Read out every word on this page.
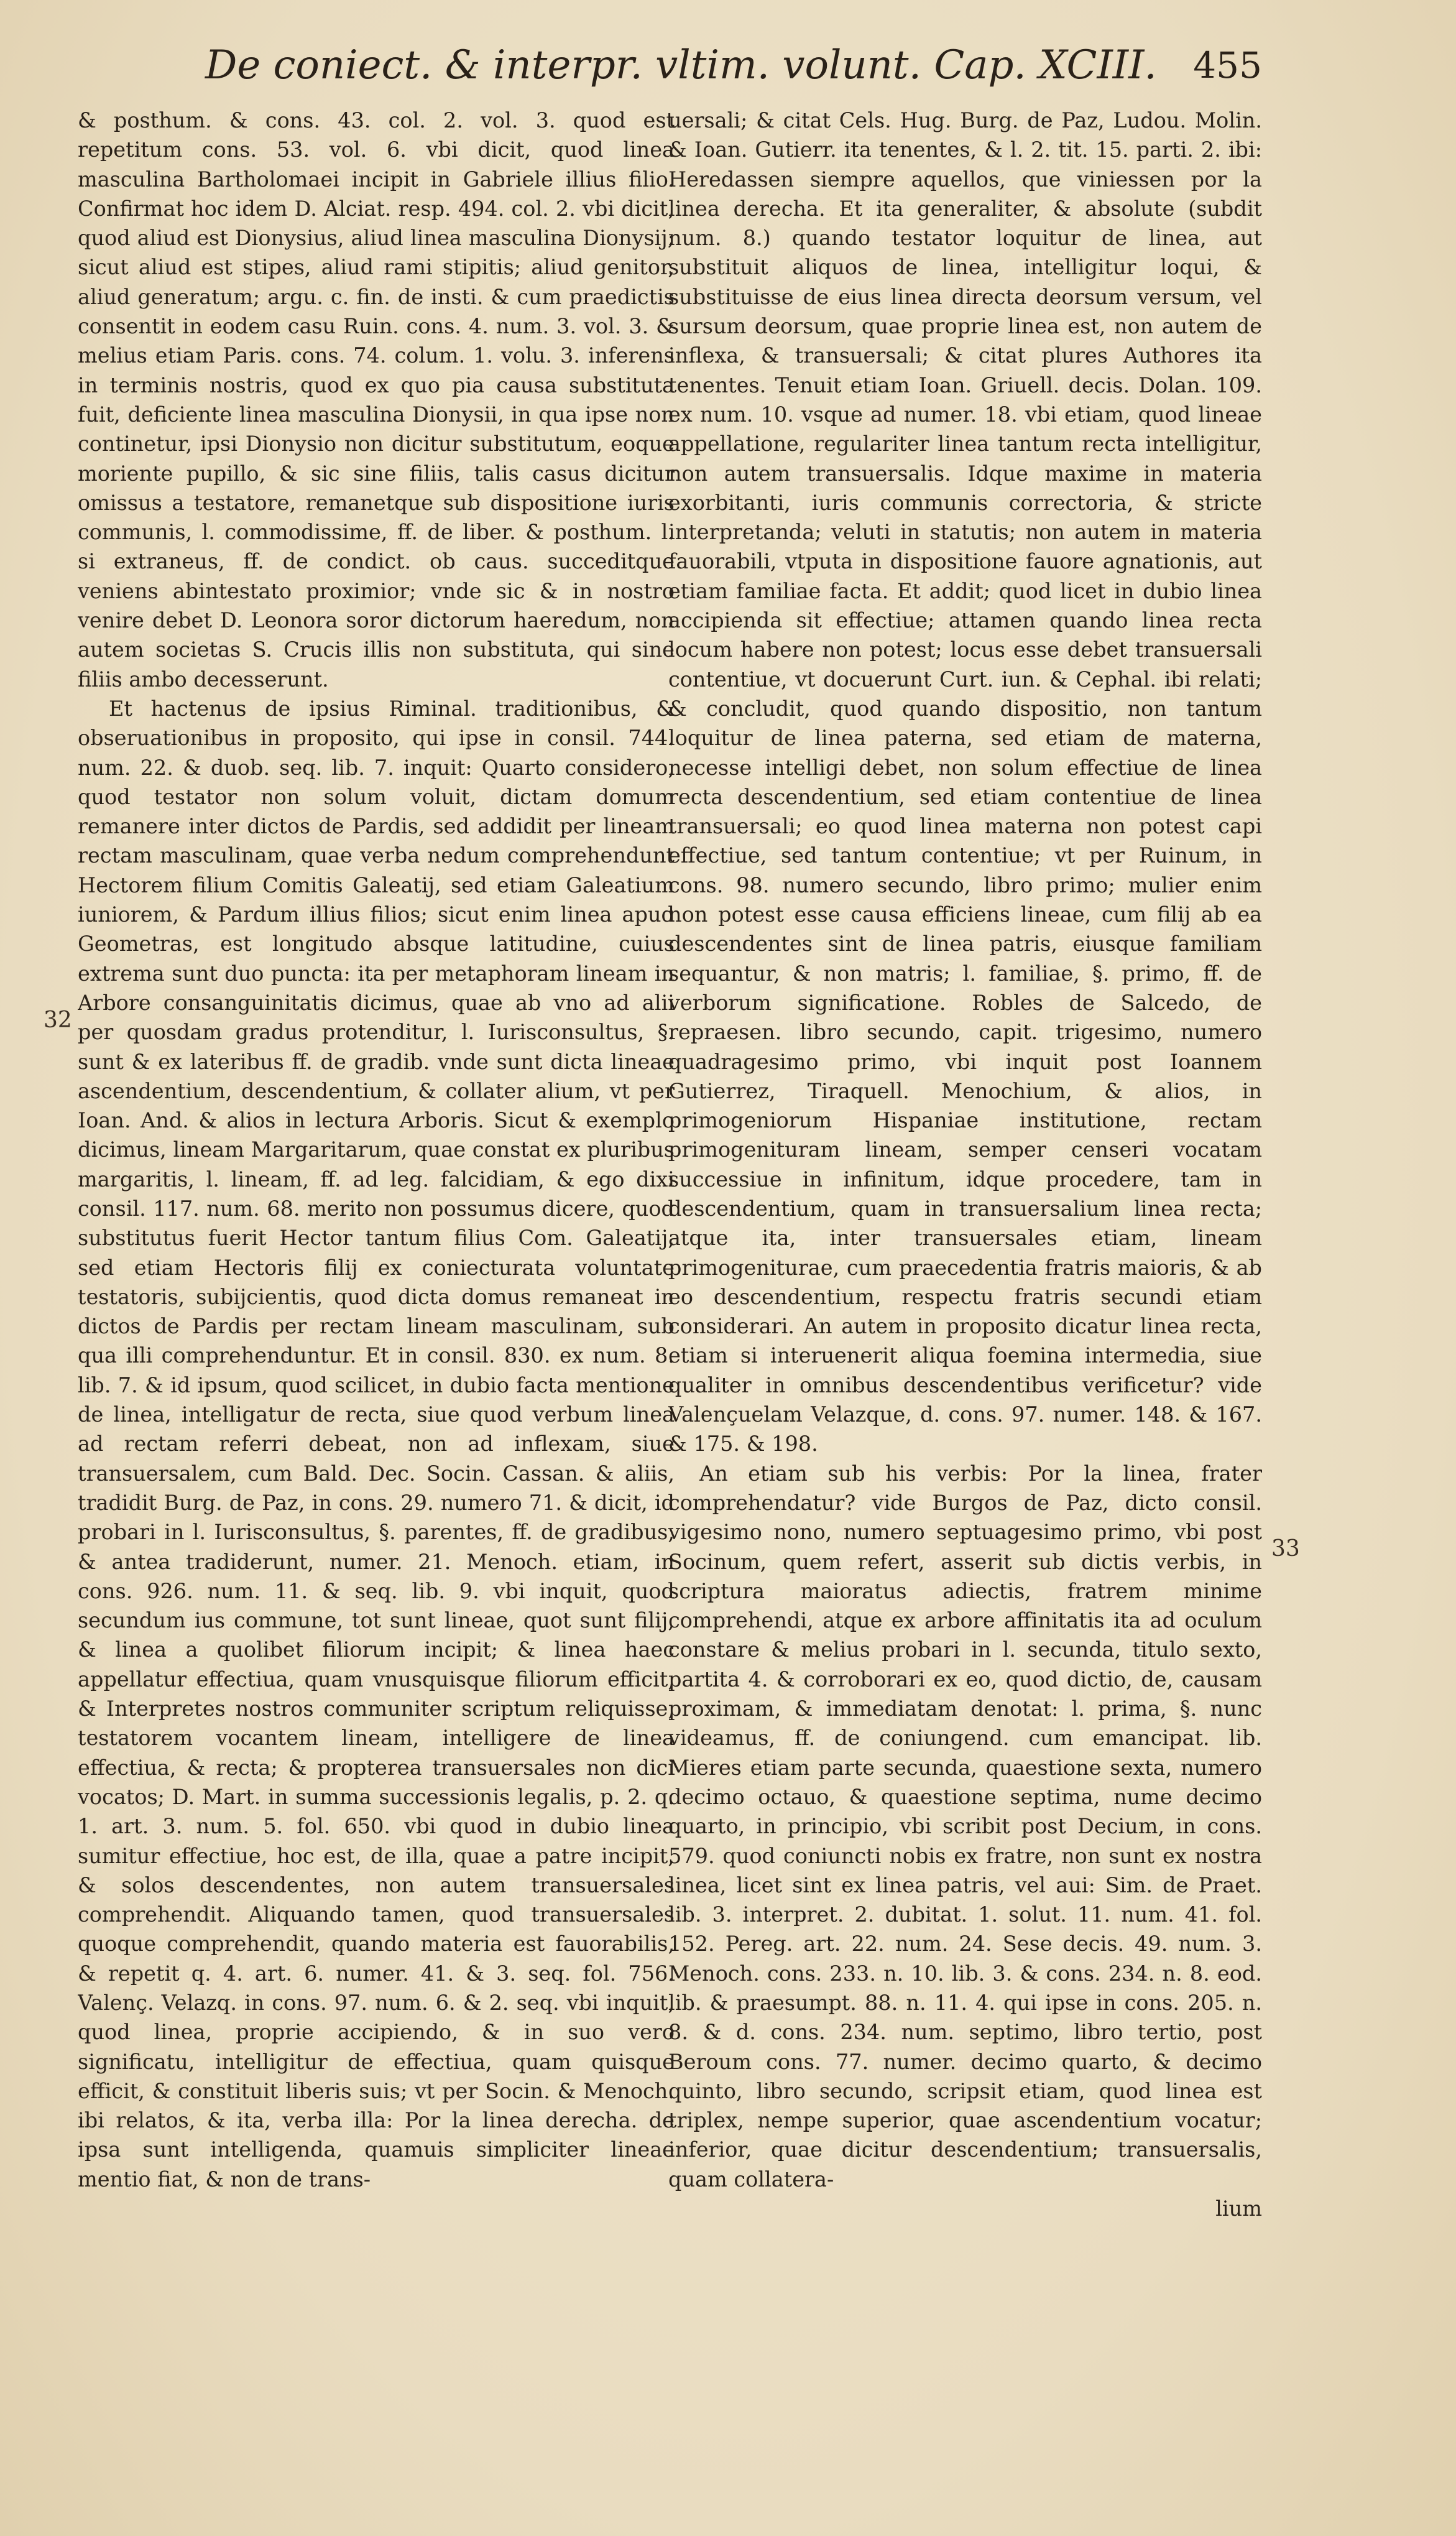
De coniect. & interpr. vltim. volunt. Cap. XCIII. 455
32
33

& posthum. & cons. 43. col. 2. vol. 3. quod est repetitum cons. 53. vol. 6. vbi dicit, quod linea masculina Bartholomaei incipit in Gabriele illius filio. Confirmat hoc idem D. Alciat. resp. 494. col. 2. vbi dicit, quod aliud est Dionysius, aliud linea masculina Dionysij; sicut aliud est stipes, aliud rami stipitis; aliud genitor, aliud generatum; argu. c. fin. de insti. & cum praedictis consentit in eodem casu Ruin. cons. 4. num. 3. vol. 3. & melius etiam Paris. cons. 74. colum. 1. volu. 3. inferens in terminis nostris, quod ex quo pia causa substituta fuit, deficiente linea masculina Dionysii, in qua ipse non continetur, ipsi Dionysio non dicitur substitutum, eoque moriente pupillo, & sic sine filiis, talis casus dicitur omissus a testatore, remanetque sub dispositione iuris communis, l. commodissime, ff. de liber. & posthum. l. si extraneus, ff. de condict. ob caus. succeditque veniens abintestato proximior; vnde sic & in nostro venire debet D. Leonora soror dictorum haeredum, non autem societas S. Crucis illis non substituta, qui sine filiis ambo decesserunt.

Et hactenus de ipsius Riminal. traditionibus, & obseruationibus in proposito, qui ipse in consil. 744. num. 22. & duob. seq. lib. 7. inquit: Quarto considero, quod testator non solum voluit, dictam domum remanere inter dictos de Pardis, sed addidit per lineam rectam masculinam, quae verba nedum comprehendunt Hectorem filium Comitis Galeatij, sed etiam Galeatium iuniorem, & Pardum illius filios; sicut enim linea apud Geometras, est longitudo absque latitudine, cuius extrema sunt duo puncta: ita per metaphoram lineam in Arbore consanguinitatis dicimus, quae ab vno ad alii per quosdam gradus protenditur, l. Iurisconsultus, §. sunt & ex lateribus ff. de gradib. vnde sunt dicta lineae ascendentium, descendentium, & collater alium, vt per Ioan. And. & alios in lectura Arboris. Sicut & exemplo dicimus, lineam Margaritarum, quae constat ex pluribus margaritis, l. lineam, ff. ad leg. falcidiam, & ego dixi consil. 117. num. 68. merito non possumus dicere, quod substitutus fuerit Hector tantum filius Com. Galeatij, sed etiam Hectoris filij ex coniecturata voluntate testatoris, subijcientis, quod dicta domus remaneat in dictos de Pardis per rectam lineam masculinam, sub qua illi comprehenduntur. Et in consil. 830. ex num. 8. lib. 7. & id ipsum, quod scilicet, in dubio facta mentione de linea, intelligatur de recta, siue quod verbum linea ad rectam referri debeat, non ad inflexam, siue transuersalem, cum Bald. Dec. Socin. Cassan. & aliis, tradidit Burg. de Paz, in cons. 29. numero 71. & dicit, id probari in l. Iurisconsultus, §. parentes, ff. de gradibus, & antea tradiderunt, numer. 21. Menoch. etiam, in cons. 926. num. 11. & seq. lib. 9. vbi inquit, quod secundum ius commune, tot sunt lineae, quot sunt filij, & linea a quolibet filiorum incipit; & linea haec appellatur effectiua, quam vnusquisque filiorum efficit, & Interpretes nostros communiter scriptum reliquisse, testatorem vocantem lineam, intelligere de linea effectiua, & recta; & propterea transuersales non dici vocatos; D. Mart. in summa successionis legalis, p. 2. q. 1. art. 3. num. 5. fol. 650. vbi quod in dubio linea sumitur effectiue, hoc est, de illa, quae a patre incipit, & solos descendentes, non autem transuersales comprehendit. Aliquando tamen, quod transuersales quoque comprehendit, quando materia est fauorabilis, & repetit q. 4. art. 6. numer. 41. & 3. seq. fol. 756. Valenç. Velazq. in cons. 97. num. 6. & 2. seq. vbi inquit, quod linea, proprie accipiendo, & in suo vero significatu, intelligitur de effectiua, quam quisque efficit, & constituit liberis suis; vt per Socin. & Menoch. ibi relatos, & ita, verba illa: Por la linea derecha. de ipsa sunt intelligenda, quamuis simpliciter lineae mentio fiat, & non de trans-

uersali; & citat Cels. Hug. Burg. de Paz, Ludou. Molin. & Ioan. Gutierr. ita tenentes, & l. 2. tit. 15. parti. 2. ibi: Heredassen siempre aquellos, que viniessen por la linea derecha. Et ita generaliter, & absolute (subdit num. 8.) quando testator loquitur de linea, aut substituit aliquos de linea, intelligitur loqui, & substituisse de eius linea directa deorsum versum, vel sursum deorsum, quae proprie linea est, non autem de inflexa, & transuersali; & citat plures Authores ita tenentes. Tenuit etiam Ioan. Griuell. decis. Dolan. 109. ex num. 10. vsque ad numer. 18. vbi etiam, quod lineae appellatione, regulariter linea tantum recta intelligitur, non autem transuersalis. Idque maxime in materia exorbitanti, iuris communis correctoria, & stricte interpretanda; veluti in statutis; non autem in materia fauorabili, vtputa in dispositione fauore agnationis, aut etiam familiae facta. Et addit; quod licet in dubio linea accipienda sit effectiue; attamen quando linea recta locum habere non potest; locus esse debet transuersali contentiue, vt docuerunt Curt. iun. & Cephal. ibi relati; & concludit, quod quando dispositio, non tantum loquitur de linea paterna, sed etiam de materna, necesse intelligi debet, non solum effectiue de linea recta descendentium, sed etiam contentiue de linea transuersali; eo quod linea materna non potest capi effectiue, sed tantum contentiue; vt per Ruinum, in cons. 98. numero secundo, libro primo; mulier enim non potest esse causa efficiens lineae, cum filij ab ea descendentes sint de linea patris, eiusque familiam sequantur, & non matris; l. familiae, §. primo, ff. de verborum significatione. Robles de Salcedo, de repraesen. libro secundo, capit. trigesimo, numero quadragesimo primo, vbi inquit post Ioannem Gutierrez, Tiraquell. Menochium, & alios, in primogeniorum Hispaniae institutione, rectam primogenituram lineam, semper censeri vocatam successiue in infinitum, idque procedere, tam in descendentium, quam in transuersalium linea recta; atque ita, inter transuersales etiam, lineam primogeniturae, cum praecedentia fratris maioris, & ab eo descendentium, respectu fratris secundi etiam considerari. An autem in proposito dicatur linea recta, etiam si interuenerit aliqua foemina intermedia, siue qualiter in omnibus descendentibus verificetur? vide Valençuelam Velazque, d. cons. 97. numer. 148. & 167. & 175. & 198.

An etiam sub his verbis: Por la linea, frater comprehendatur? vide Burgos de Paz, dicto consil. vigesimo nono, numero septuagesimo primo, vbi post Socinum, quem refert, asserit sub dictis verbis, in scriptura maioratus adiectis, fratrem minime comprehendi, atque ex arbore affinitatis ita ad oculum constare & melius probari in l. secunda, titulo sexto, partita 4. & corroborari ex eo, quod dictio, de, causam proximam, & immediatam denotat: l. prima, §. nunc videamus, ff. de coniungend. cum emancipat. lib. Mieres etiam parte secunda, quaestione sexta, numero decimo octauo, & quaestione septima, nume decimo quarto, in principio, vbi scribit post Decium, in cons. 579. quod coniuncti nobis ex fratre, non sunt ex nostra linea, licet sint ex linea patris, vel aui: Sim. de Praet. lib. 3. interpret. 2. dubitat. 1. solut. 11. num. 41. fol. 152. Pereg. art. 22. num. 24. Sese decis. 49. num. 3. Menoch. cons. 233. n. 10. lib. 3. & cons. 234. n. 8. eod. lib. & praesumpt. 88. n. 11. 4. qui ipse in cons. 205. n. 8. & d. cons. 234. num. septimo, libro tertio, post Beroum cons. 77. numer. decimo quarto, & decimo quinto, libro secundo, scripsit etiam, quod linea est triplex, nempe superior, quae ascendentium vocatur; inferior, quae dicitur descendentium; transuersalis, quam collatera-

lium
